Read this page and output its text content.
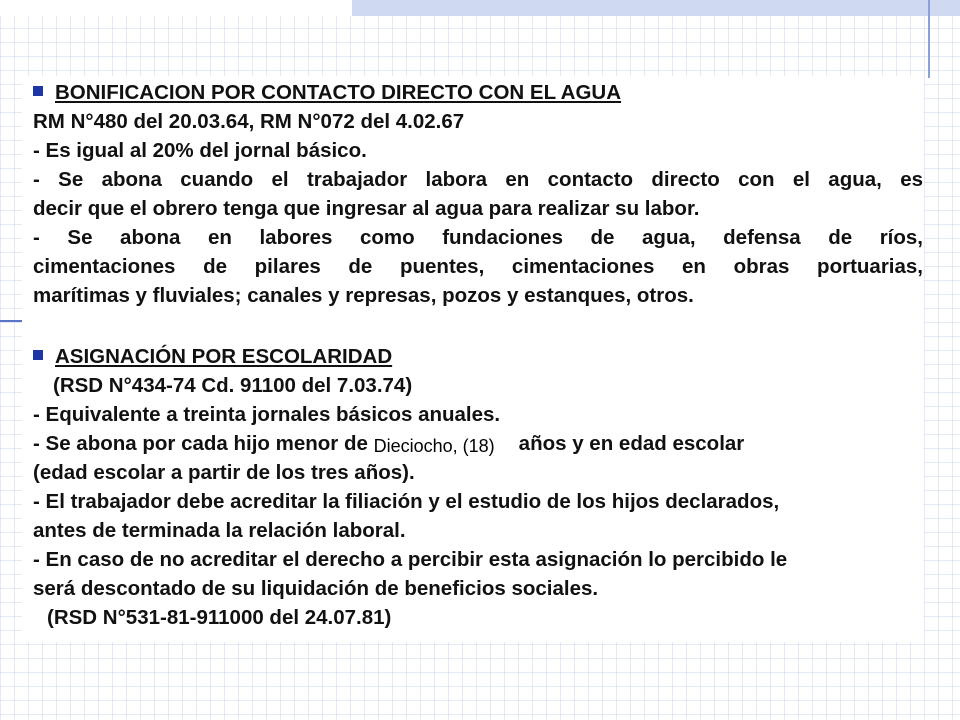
BONIFICACION POR CONTACTO DIRECTO CON EL AGUA
RM N°480 del 20.03.64, RM N°072 del 4.02.67
- Es igual al 20% del jornal básico.
- Se abona cuando el trabajador labora en contacto directo con el agua, es
decir que el obrero tenga que ingresar al agua para realizar su labor.
- Se abona en labores como fundaciones de agua, defensa de ríos,
cimentaciones de pilares de puentes, cimentaciones en obras portuarias,
marítimas y fluviales; canales y represas, pozos y estanques, otros.
ASIGNACIÓN POR ESCOLARIDAD
(RSD N°434-74 Cd. 91100 del 7.03.74)
- Equivalente a treinta jornales básicos anuales.
- Se abona por cada hijo menor de Dieciocho, (18) años y en edad escolar
(edad escolar a partir de los tres años).
- El trabajador debe acreditar la filiación y el estudio de los hijos declarados,
antes de terminada la relación laboral.
- En caso de no acreditar el derecho a percibir esta asignación lo percibido le
será descontado de su liquidación de beneficios sociales.
(RSD N°531-81-911000 del 24.07.81)
